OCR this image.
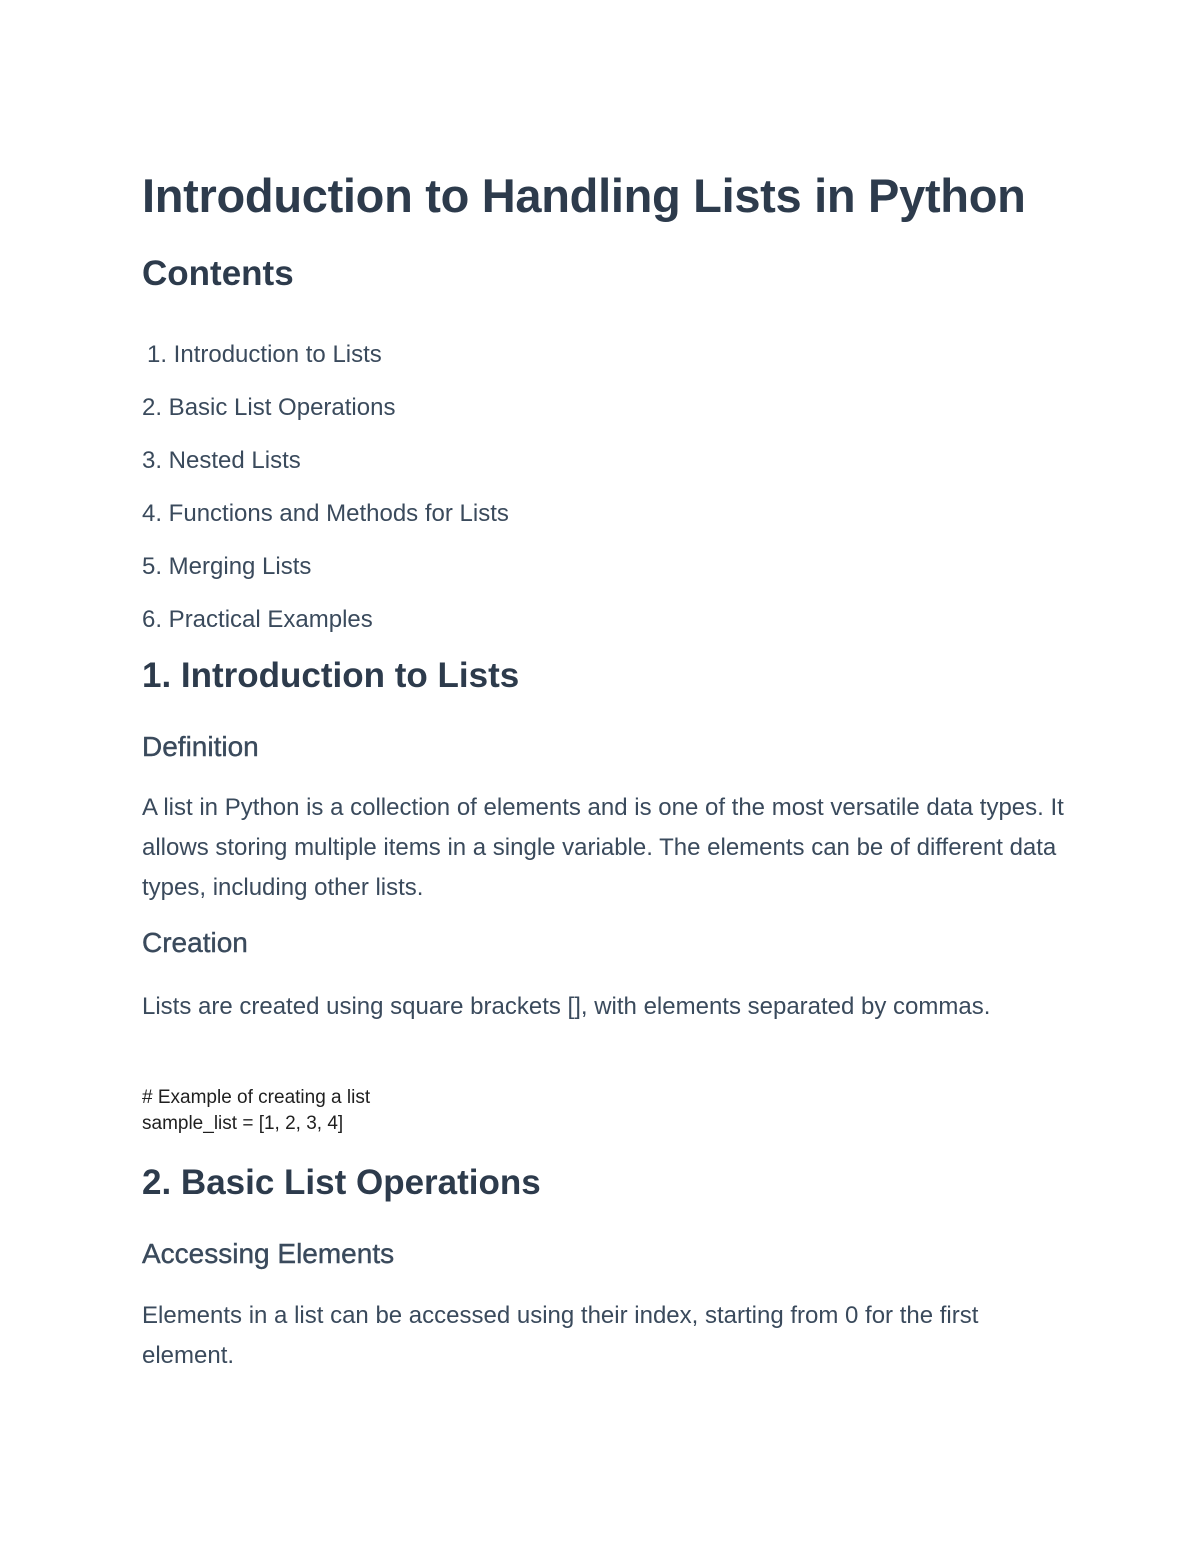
Introduction to Handling Lists in Python
Contents
1. Introduction to Lists
2. Basic List Operations
3. Nested Lists
4. Functions and Methods for Lists
5. Merging Lists
6. Practical Examples
1. Introduction to Lists
Definition

A list in Python is a collection of elements and is one of the most versatile data types. It allows storing multiple items in a single variable. The elements can be of different data types, including other lists.

Creation

Lists are created using square brackets [], with elements separated by commas.

# Example of creating a list
sample_list = [1, 2, 3, 4]
2. Basic List Operations
Accessing Elements

Elements in a list can be accessed using their index, starting from 0 for the first element.
